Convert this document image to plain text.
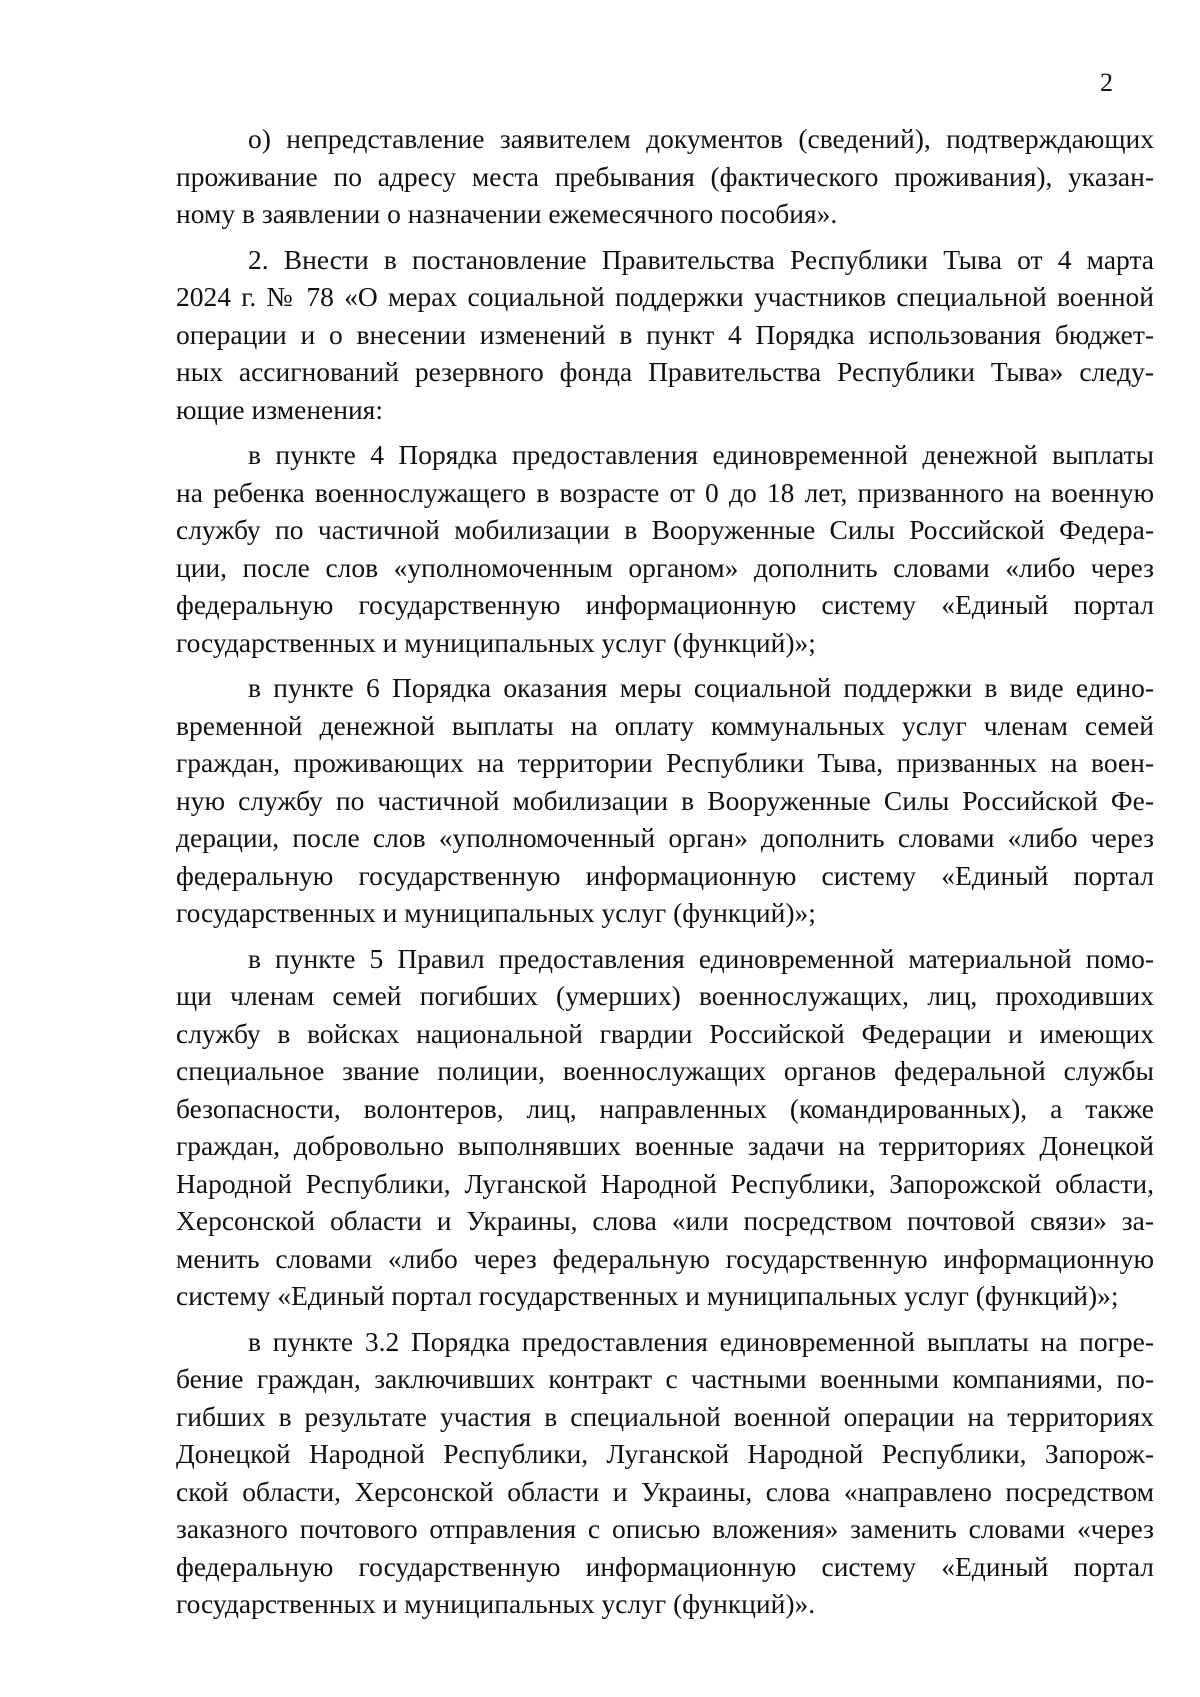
2
о) непредставление заявителем документов (сведений), подтверждающих
проживание по адресу места пребывания (фактического проживания), указан-
ному в заявлении о назначении ежемесячного пособия».
2. Внести в постановление Правительства Республики Тыва от 4 марта
2024 г. № 78 «О мерах социальной поддержки участников специальной военной
операции и о внесении изменений в пункт 4 Порядка использования бюджет-
ных ассигнований резервного фонда Правительства Республики Тыва» следу-
ющие изменения:
в пункте 4 Порядка предоставления единовременной денежной выплаты
на ребенка военнослужащего в возрасте от 0 до 18 лет, призванного на военную
службу по частичной мобилизации в Вооруженные Силы Российской Федера-
ции, после слов «уполномоченным органом» дополнить словами «либо через
федеральную государственную информационную систему «Единый портал
государственных и муниципальных услуг (функций)»;
в пункте 6 Порядка оказания меры социальной поддержки в виде едино-
временной денежной выплаты на оплату коммунальных услуг членам семей
граждан, проживающих на территории Республики Тыва, призванных на воен-
ную службу по частичной мобилизации в Вооруженные Силы Российской Фе-
дерации, после слов «уполномоченный орган» дополнить словами «либо через
федеральную государственную информационную систему «Единый портал
государственных и муниципальных услуг (функций)»;
в пункте 5 Правил предоставления единовременной материальной помо-
щи членам семей погибших (умерших) военнослужащих, лиц, проходивших
службу в войсках национальной гвардии Российской Федерации и имеющих
специальное звание полиции, военнослужащих органов федеральной службы
безопасности, волонтеров, лиц, направленных (командированных), а также
граждан, добровольно выполнявших военные задачи на территориях Донецкой
Народной Республики, Луганской Народной Республики, Запорожской области,
Херсонской области и Украины, слова «или посредством почтовой связи» за-
менить словами «либо через федеральную государственную информационную
систему «Единый портал государственных и муниципальных услуг (функций)»;
в пункте 3.2 Порядка предоставления единовременной выплаты на погре-
бение граждан, заключивших контракт с частными военными компаниями, по-
гибших в результате участия в специальной военной операции на территориях
Донецкой Народной Республики, Луганской Народной Республики, Запорож-
ской области, Херсонской области и Украины, слова «направлено посредством
заказного почтового отправления с описью вложения» заменить словами «через
федеральную государственную информационную систему «Единый портал
государственных и муниципальных услуг (функций)».
